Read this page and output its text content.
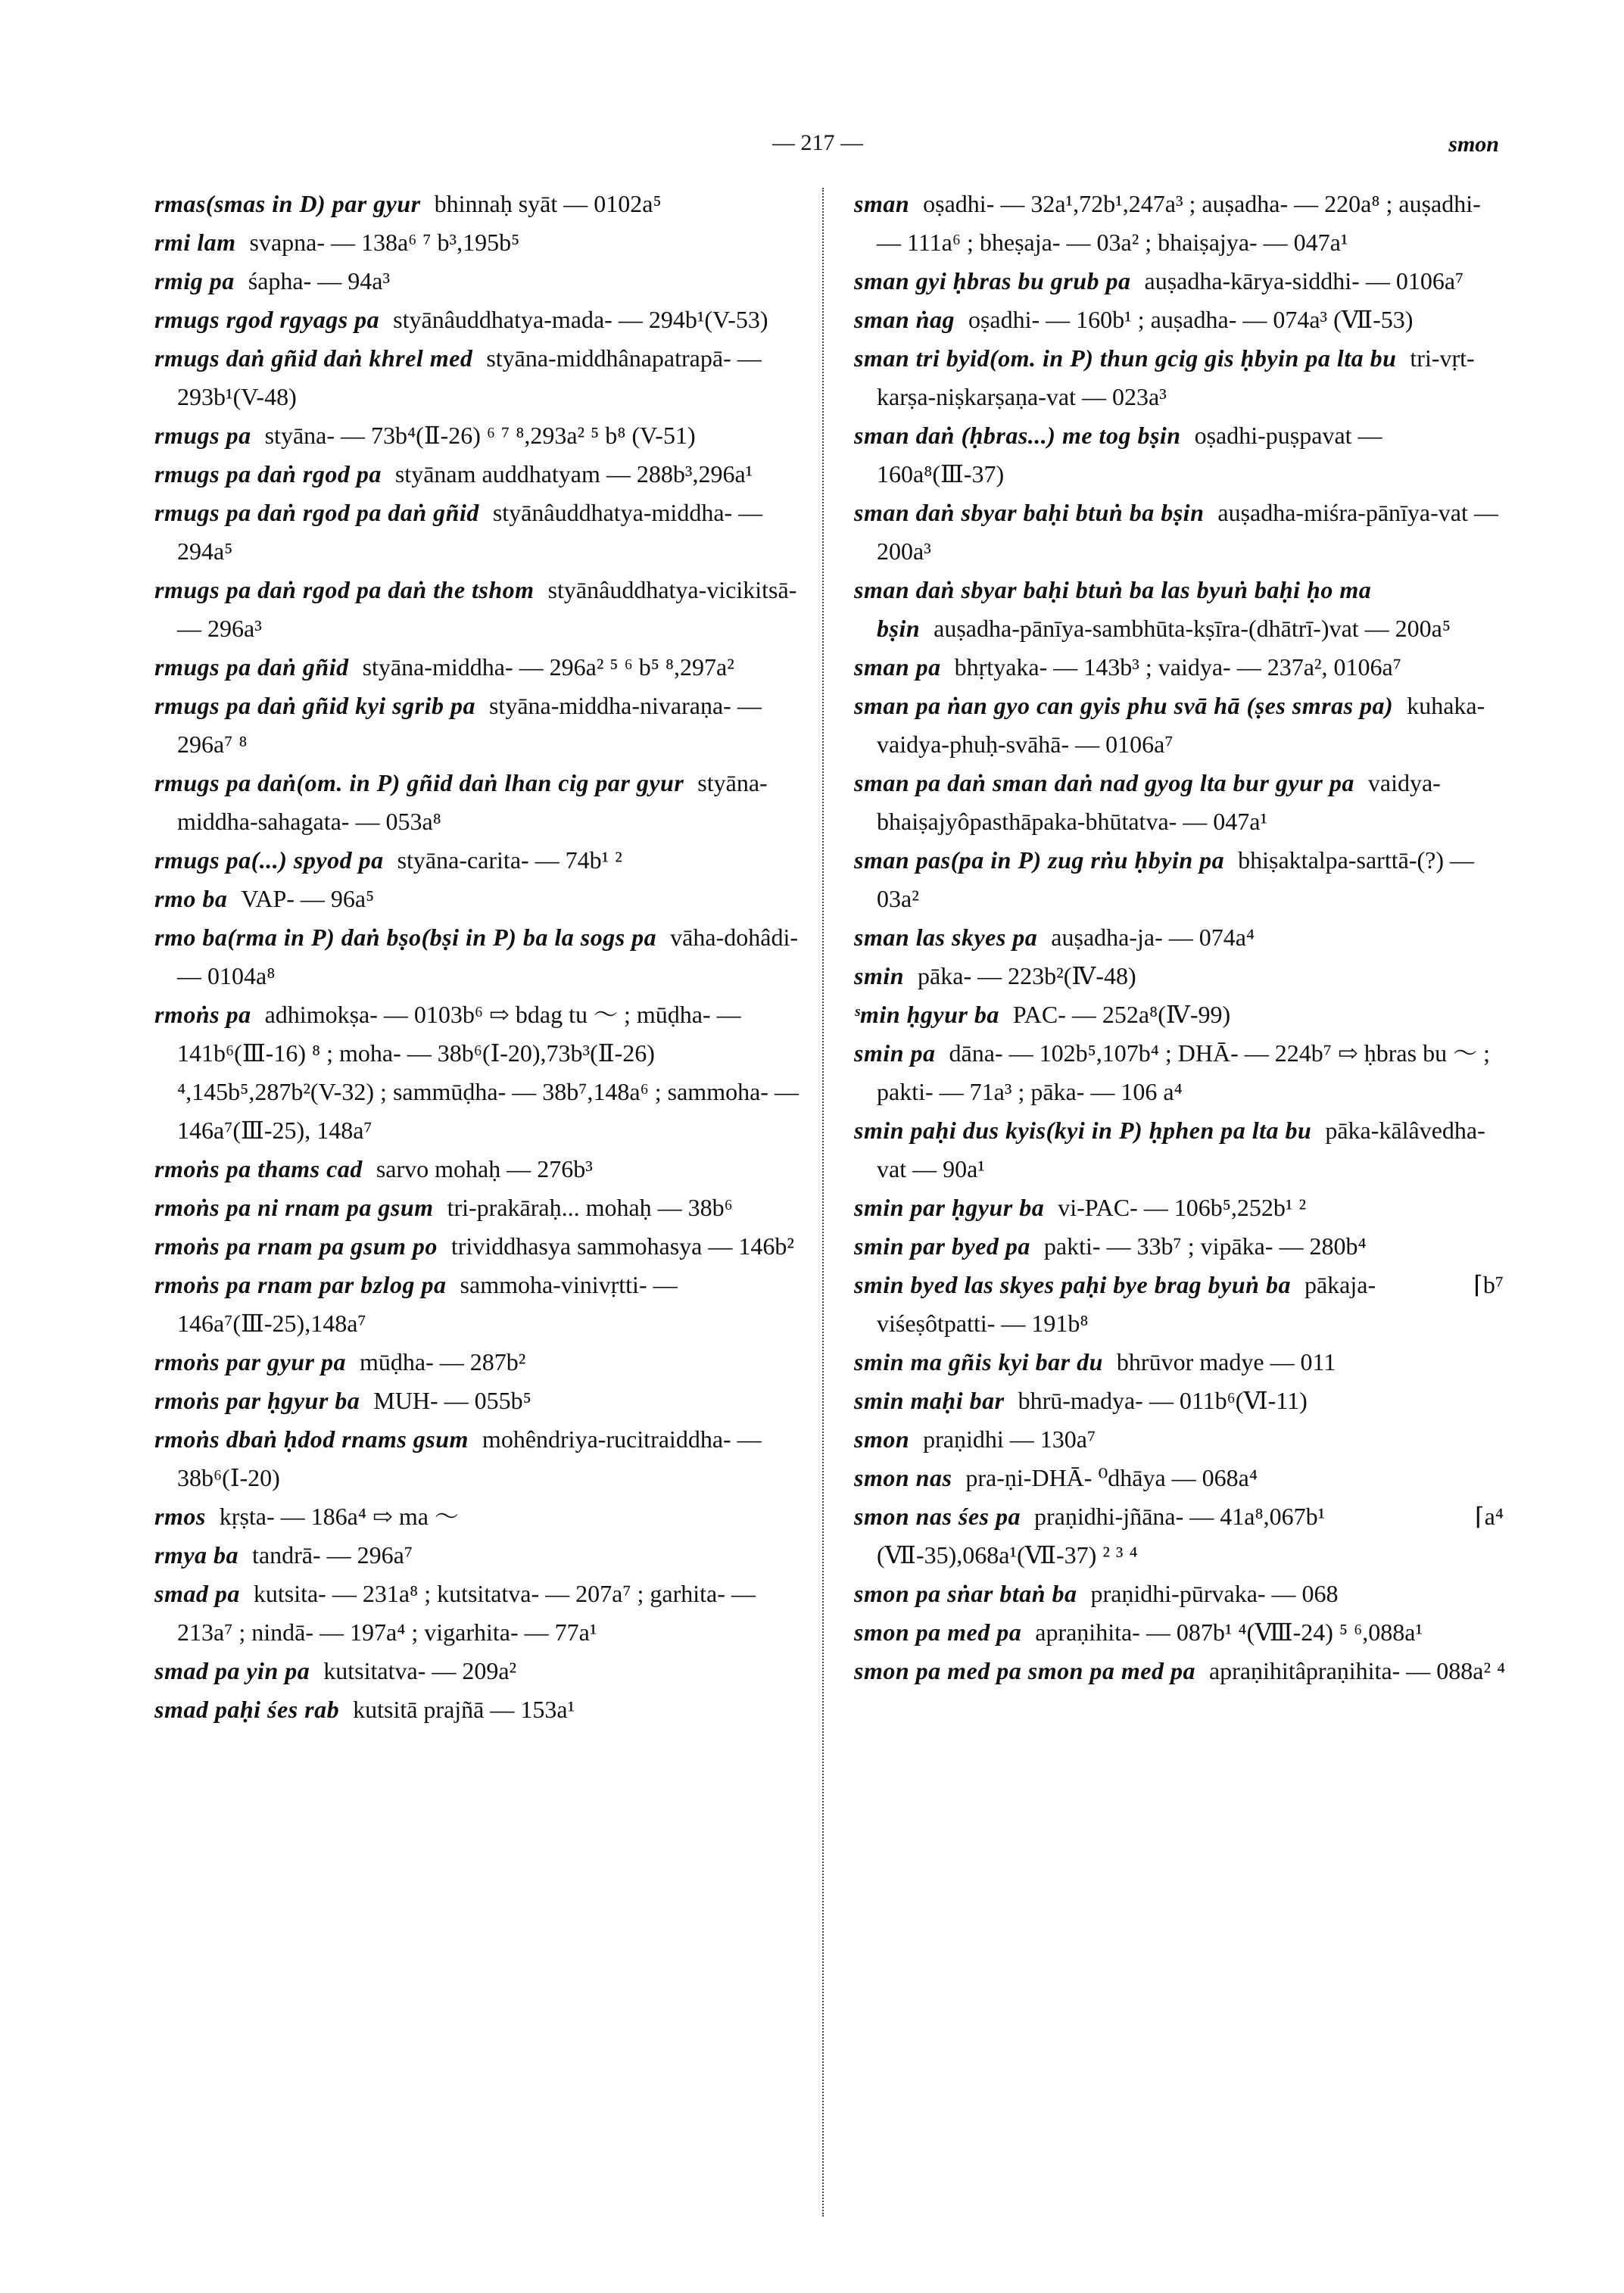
— 217 —	smon

rmas(smas in D) par gyur bhinnaḥ syāt — 0102a⁵

rmi lam svapna- — 138a⁶ ⁷ b³,195b⁵

rmig pa śapha- — 94a³

rmugs rgod rgyags pa styānâuddhatya-mada- — 294b¹(V-53)

rmugs daṅ gñid daṅ khrel med styāna-middhânapatrapā- — 293b¹(V-48)

rmugs pa styāna- — 73b⁴(Ⅱ-26) ⁶ ⁷ ⁸,293a² ⁵ b⁸ (V-51)

rmugs pa daṅ rgod pa styānam auddhatyam — 288b³,296a¹

rmugs pa daṅ rgod pa daṅ gñid styānâuddhatya-middha- — 294a⁵

rmugs pa daṅ rgod pa daṅ the tshom styānâuddhatya-vicikitsā- — 296a³

rmugs pa daṅ gñid styāna-middha- — 296a² ⁵ ⁶ b⁵ ⁸,297a²

rmugs pa daṅ gñid kyi sgrib pa styāna-middha-nivaraṇa- — 296a⁷ ⁸

rmugs pa daṅ(om. in P) gñid daṅ lhan cig par gyur styāna-middha-sahagata- — 053a⁸

rmugs pa(...) spyod pa styāna-carita- — 74b¹ ²

rmo ba VAP- — 96a⁵

rmo ba(rma in P) daṅ bṣo(bṣi in P) ba la sogs pa vāha-dohâdi- — 0104a⁸

rmoṅs pa adhimokṣa- — 0103b⁶ ⇨ bdag tu ～ ; mūḍha- — 141b⁶(Ⅲ-16) ⁸ ; moha- — 38b⁶(Ⅰ-20),73b³(Ⅱ-26) ⁴,145b⁵,287b²(V-32) ; sammūḍha- — 38b⁷,148a⁶ ; sammoha- — 146a⁷(Ⅲ-25), 148a⁷

rmoṅs pa thams cad sarvo mohaḥ — 276b³

rmoṅs pa ni rnam pa gsum tri-prakāraḥ... mohaḥ — 38b⁶

rmoṅs pa rnam pa gsum po trividdhasya sammohasya — 146b²

rmoṅs pa rnam par bzlog pa sammoha-vinivṛtti- — 146a⁷(Ⅲ-25),148a⁷

rmoṅs par gyur pa mūḍha- — 287b²

rmoṅs par ḥgyur ba MUH- — 055b⁵

rmoṅs dbaṅ ḥdod rnams gsum mohêndriya-rucitraiddha- — 38b⁶(Ⅰ-20)

rmos kṛṣta- — 186a⁴ ⇨ ma ～

rmya ba tandrā- — 296a⁷

smad pa kutsita- — 231a⁸ ; kutsitatva- — 207a⁷ ; garhita- — 213a⁷ ; nindā- — 197a⁴ ; vigarhita- — 77a¹

smad pa yin pa kutsitatva- — 209a²

smad paḥi śes rab kutsitā prajñā — 153a¹

sman oṣadhi- — 32a¹,72b¹,247a³ ; auṣadha- — 220a⁸ ; auṣadhi- — 111a⁶ ; bheṣaja- — 03a² ; bhaiṣajya- — 047a¹

sman gyi ḥbras bu grub pa auṣadha-kārya-siddhi- — 0106a⁷

sman ṅag oṣadhi- — 160b¹ ; auṣadha- — 074a³ (Ⅶ-53)

sman tri byid(om. in P) thun gcig gis ḥbyin pa lta bu tri-vṛt-karṣa-niṣkarṣaṇa-vat — 023a³

sman daṅ (ḥbras...) me tog bṣin oṣadhi-puṣpavat — 160a⁸(Ⅲ-37)

sman daṅ sbyar baḥi btuṅ ba bṣin auṣadha-miśra-pānīya-vat — 200a³

sman daṅ sbyar baḥi btuṅ ba las byuṅ baḥi ḥo ma bṣin auṣadha-pānīya-sambhūta-kṣīra-(dhātrī-)vat — 200a⁵

sman pa bhṛtyaka- — 143b³ ; vaidya- — 237a², 0106a⁷

sman pa ṅan gyo can gyis phu svā hā (ṣes smras pa) kuhaka-vaidya-phuḥ-svāhā- — 0106a⁷

sman pa daṅ sman daṅ nad gyog lta bur gyur pa vaidya-bhaiṣajyôpasthāpaka-bhūtatva- — 047a¹

sman pas(pa in P) zug rṅu ḥbyin pa bhiṣaktalpa-sarttā-(?) — 03a²

sman las skyes pa auṣadha-ja- — 074a⁴

smin pāka- — 223b²(Ⅳ-48)

ˢmin ḥgyur ba PAC- — 252a⁸(Ⅳ-99)

smin pa dāna- — 102b⁵,107b⁴ ; DHĀ- — 224b⁷ ⇨ ḥbras bu ～ ; pakti- — 71a³ ; pāka- — 106 a⁴

smin paḥi dus kyis(kyi in P) ḥphen pa lta bu pāka-kālâvedha-vat — 90a¹

smin par ḥgyur ba vi-PAC- — 106b⁵,252b¹ ²

smin par byed pa pakti- — 33b⁷ ; vipāka- — 280b⁴

⌈b⁷
smin byed las skyes paḥi bye brag byuṅ ba pākaja-viśeṣôtpatti- — 191b⁸

smin ma gñis kyi bar du bhrūvor madye — 011

smin maḥi bar bhrū-madya- — 011b⁶(Ⅵ-11)

smon praṇidhi — 130a⁷

smon nas pra-ṇi-DHĀ- ⁰dhāya — 068a⁴

⌈a⁴
smon nas śes pa praṇidhi-jñāna- — 41a⁸,067b¹ (Ⅶ-35),068a¹(Ⅶ-37) ² ³ ⁴

smon pa sṅar btaṅ ba praṇidhi-pūrvaka- — 068

smon pa med pa apraṇihita- — 087b¹ ⁴(Ⅷ-24) ⁵ ⁶,088a¹

smon pa med pa smon pa med pa apraṇihitâpraṇihita- — 088a² ⁴
